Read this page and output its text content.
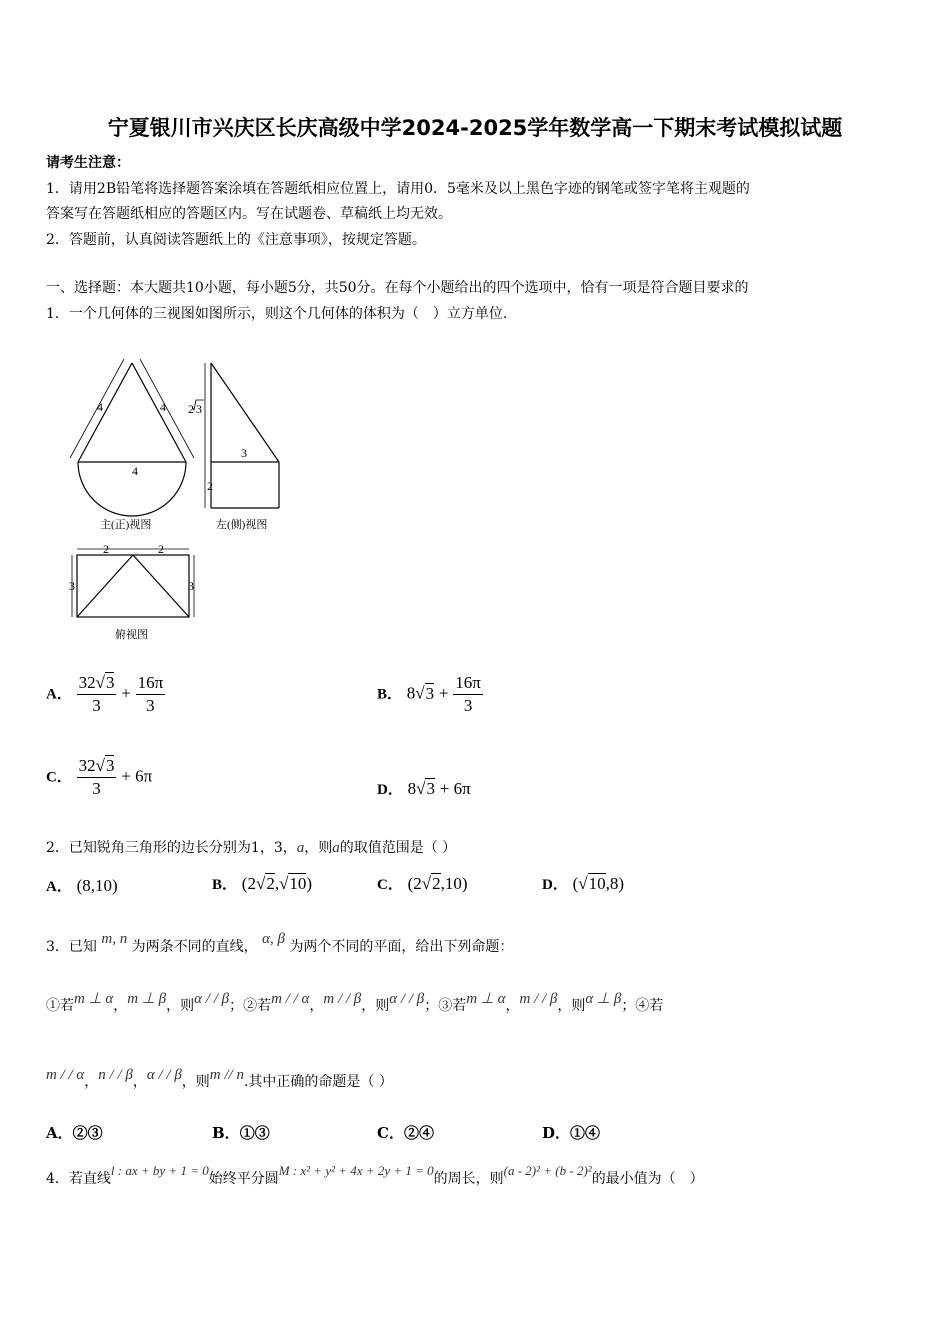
宁夏银川市兴庆区长庆高级中学2024-2025学年数学高一下期末考试模拟试题
请考生注意：
1．请用2B铅笔将选择题答案涂填在答题纸相应位置上，请用0．5毫米及以上黑色字迹的钢笔或签字笔将主观题的
答案写在答题纸相应的答题区内。写在试题卷、草稿纸上均无效。
2．答题前，认真阅读答题纸上的《注意事项》，按规定答题。
一、选择题：本大题共10小题，每小题5分，共50分。在每个小题给出的四个选项中，恰有一项是符合题目要求的
1．一个几何体的三视图如图所示，则这个几何体的体积为（　）立方单位.
4	4
4
2 3
3
2
2	2
3	3
主(正)视图	左(侧)视图
俯视图
A． $\frac{32√3}{3} + \frac{16\pi}{3}$	B． $8√3 + \frac{16\pi}{3}$
C． $\frac{32√3}{3} + 6\pi$
D． 8√3 + 6π
2．已知锐角三角形的边长分别为1，3，a，则a的取值范围是（ ）
A． (8,10)	B． (2√2,√10)	C． (2√2,10)	D． (√10,8)
3．已知 m, n 为两条不同的直线， α, β 为两个不同的平面，给出下列命题：
①若m ⊥ α，m ⊥ β，则α / / β；②若m / / α，m / / β，则α / / β；③若m ⊥ α，m / / β，则α ⊥ β；④若
m / / α，n / / β，α / / β，则m // n.其中正确的命题是（ ）
A．②③	B．①③	C．②④	D．①④
4．若直线l : ax + by + 1 = 0始终平分圆M : x² + y² + 4x + 2y + 1 = 0的周长，则(a - 2)² + (b - 2)²的最小值为（　）
